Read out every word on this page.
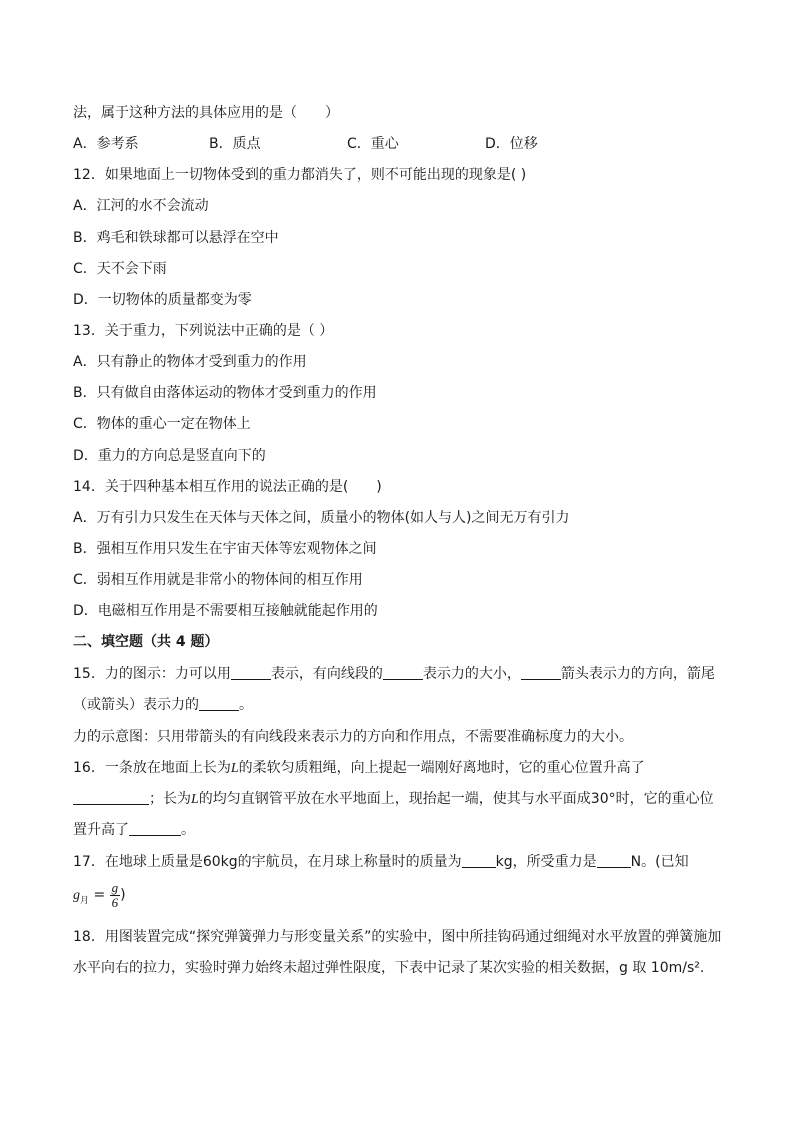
法，属于这种方法的具体应用的是（　　）
A．参考系	B．质点	C．重心	D．位移
12．如果地面上一切物体受到的重力都消失了，则不可能出现的现象是( )
A．江河的水不会流动
B．鸡毛和铁球都可以悬浮在空中
C．天不会下雨
D．一切物体的质量都变为零
13．关于重力，下列说法中正确的是（ ）
A．只有静止的物体才受到重力的作用
B．只有做自由落体运动的物体才受到重力的作用
C．物体的重心一定在物体上
D．重力的方向总是竖直向下的
14．关于四种基本相互作用的说法正确的是(　　)
A．万有引力只发生在天体与天体之间，质量小的物体(如人与人)之间无万有引力
B．强相互作用只发生在宇宙天体等宏观物体之间
C．弱相互作用就是非常小的物体间的相互作用
D．电磁相互作用是不需要相互接触就能起作用的
二、填空题（共 4 题）
15．力的图示：力可以用	表示，有向线段的	表示力的大小，	箭头表示力的方向，箭尾
（或箭头）表示力的	。
力的示意图：只用带箭头的有向线段来表示力的方向和作用点，不需要准确标度力的大小。
16．一条放在地面上长为L的柔软匀质粗绳，向上提起一端刚好离地时，它的重心位置升高了
；长为L的均匀直钢管平放在水平地面上，现抬起一端，使其与水平面成30°时，它的重心位
置升高了	。
17．在地球上质量是60kg的宇航员，在月球上称量时的质量为 kg，所受重力是 N。(已知
$g_月 = \frac{g}{6}$ )
18．用图装置完成“探究弹簧弹力与形变量关系”的实验中，图中所挂钩码通过细绳对水平放置的弹簧施加
水平向右的拉力，实验时弹力始终未超过弹性限度，下表中记录了某次实验的相关数据，g 取 10m/s².
